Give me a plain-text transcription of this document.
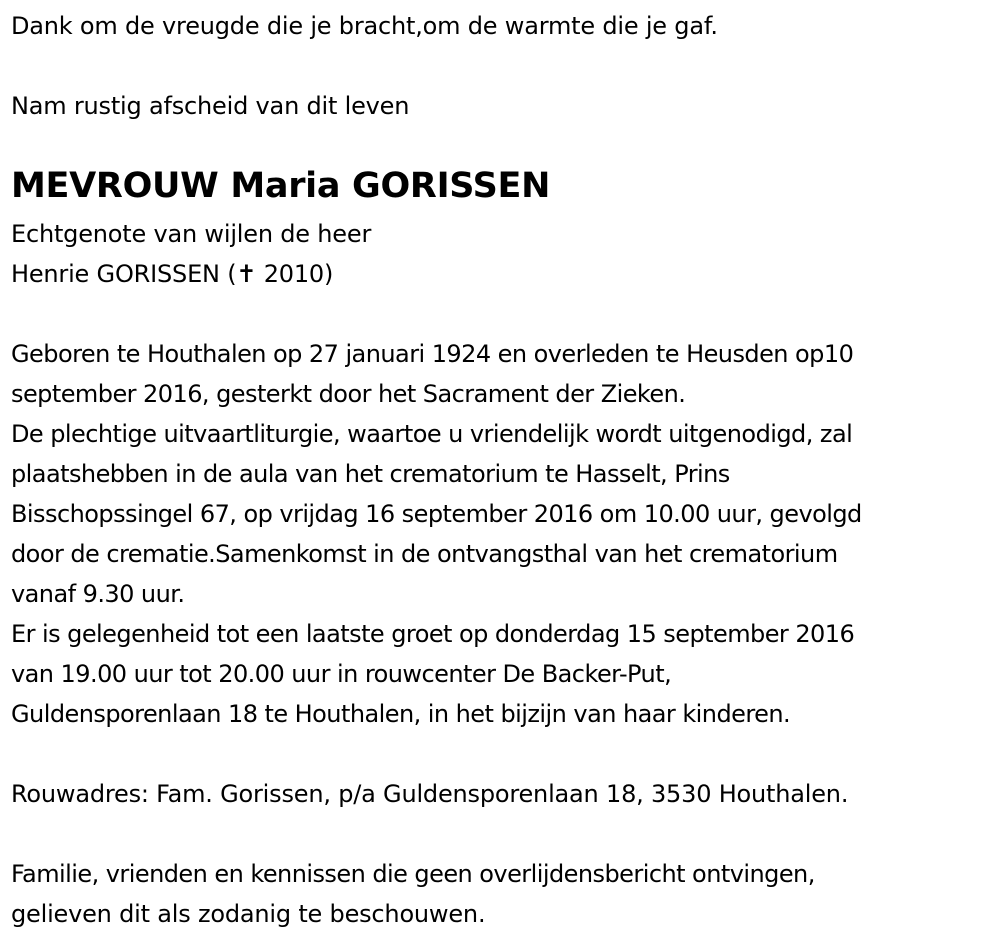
Dank om de vreugde die je bracht,om de warmte die je gaf.
Nam rustig afscheid van dit leven
MEVROUW Maria GORISSEN
Echtgenote van wijlen de heer
Henrie GORISSEN (✝ 2010)
Geboren te Houthalen op 27 januari 1924 en overleden te Heusden op10
september 2016, gesterkt door het Sacrament der Zieken.
De plechtige uitvaartliturgie, waartoe u vriendelijk wordt uitgenodigd, zal
plaatshebben in de aula van het crematorium te Hasselt, Prins
Bisschopssingel 67, op vrijdag 16 september 2016 om 10.00 uur, gevolgd
door de crematie.Samenkomst in de ontvangsthal van het crematorium
vanaf 9.30 uur.
Er is gelegenheid tot een laatste groet op donderdag 15 september 2016
van 19.00 uur tot 20.00 uur in rouwcenter De Backer-Put,
Guldensporenlaan 18 te Houthalen, in het bijzijn van haar kinderen.
Rouwadres: Fam. Gorissen, p/a Guldensporenlaan 18, 3530 Houthalen.
Familie, vrienden en kennissen die geen overlijdensbericht ontvingen,
gelieven dit als zodanig te beschouwen.
